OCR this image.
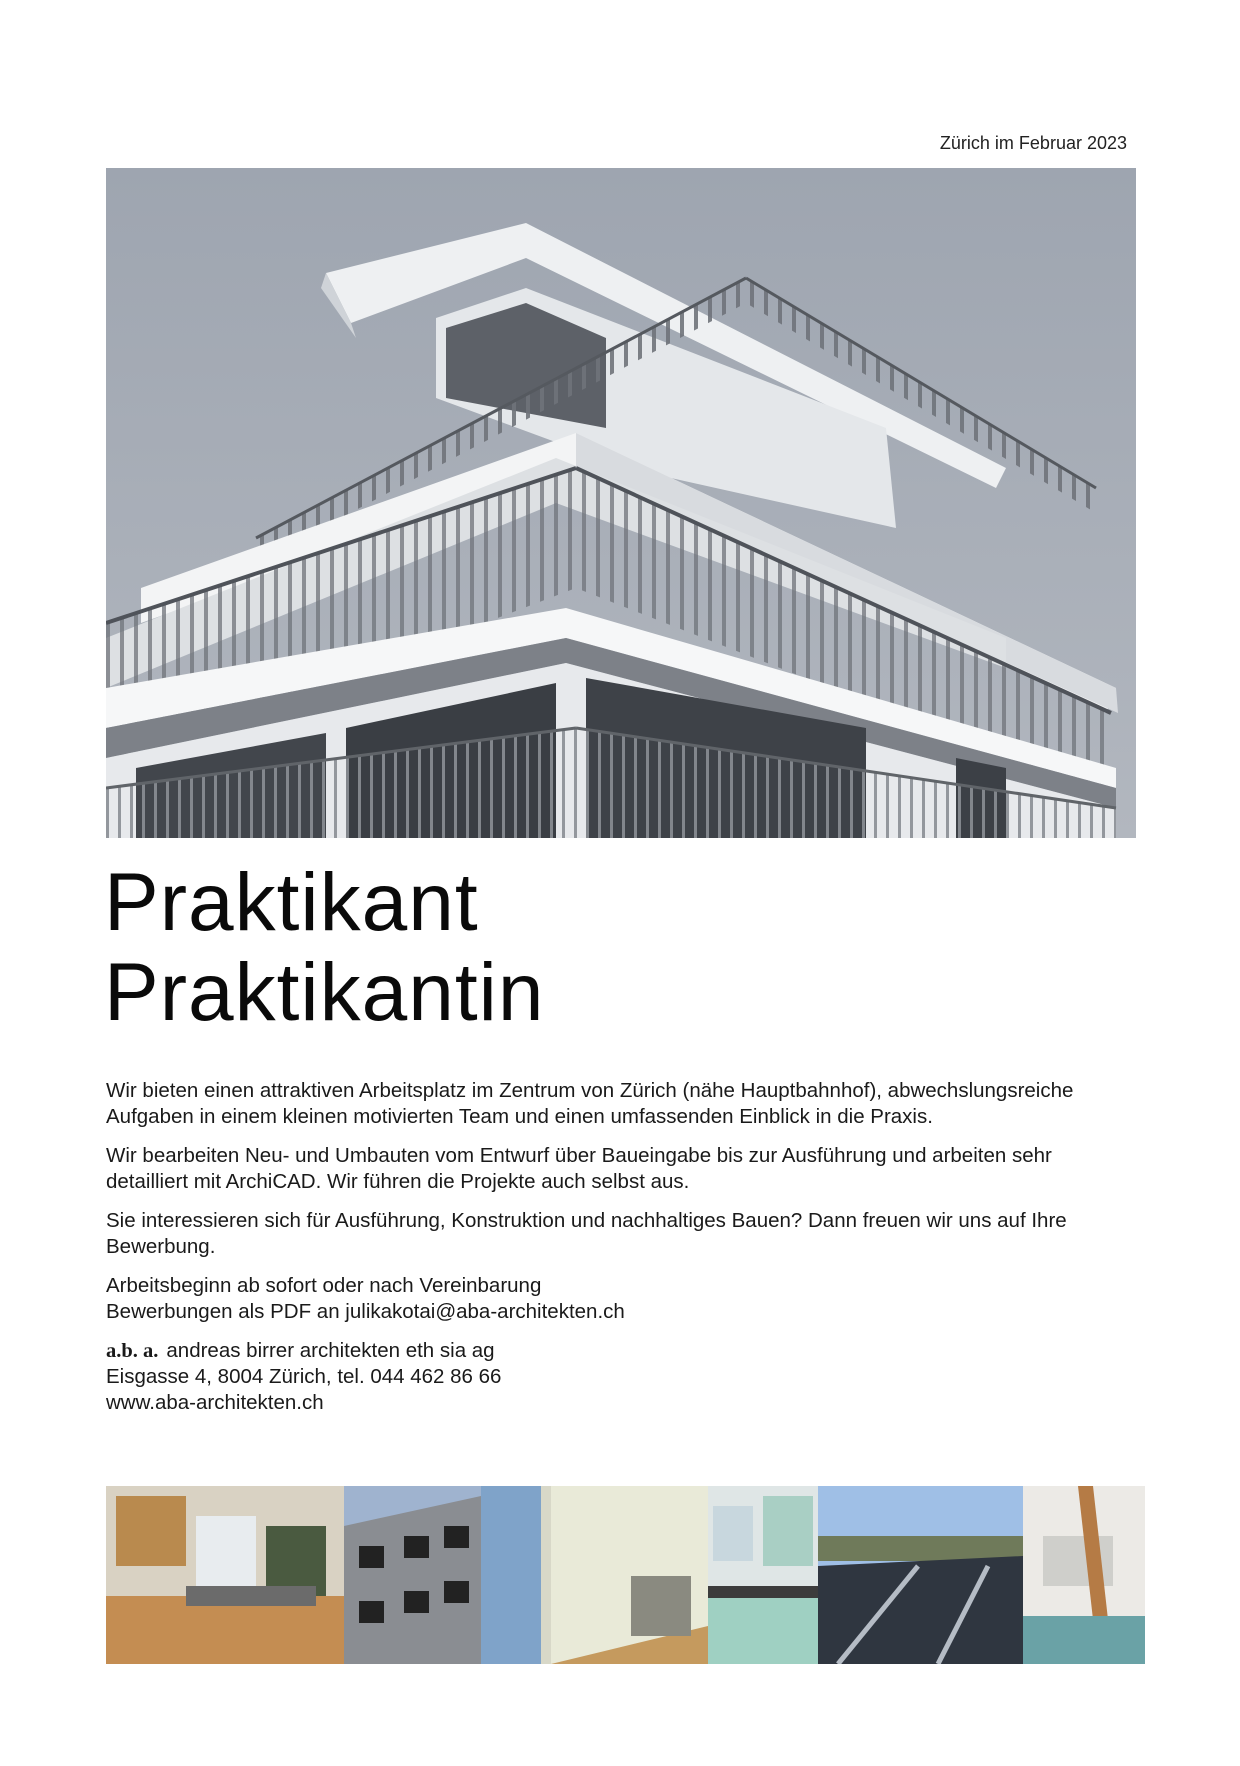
Zürich im Februar 2023
Praktikant
Praktikantin

Wir bieten einen attraktiven Arbeitsplatz im Zentrum von Zürich (nähe Hauptbahnhof), abwechslungsreiche Aufgaben in einem kleinen motivierten Team und einen umfassenden Einblick in die Praxis.

Wir bearbeiten Neu- und Umbauten vom Entwurf über Baueingabe bis zur Ausführung und arbeiten sehr detailliert mit ArchiCAD. Wir führen die Projekte auch selbst aus.

Sie interessieren sich für Ausführung, Konstruktion und nachhaltiges Bauen? Dann freuen wir uns auf Ihre Bewerbung.

Arbeitsbeginn ab sofort oder nach Vereinbarung
Bewerbungen als PDF an julikakotai@aba-architekten.ch

a.b. a. andreas birrer architekten eth sia ag
Eisgasse 4, 8004 Zürich, tel. 044 462 86 66
www.aba-architekten.ch
